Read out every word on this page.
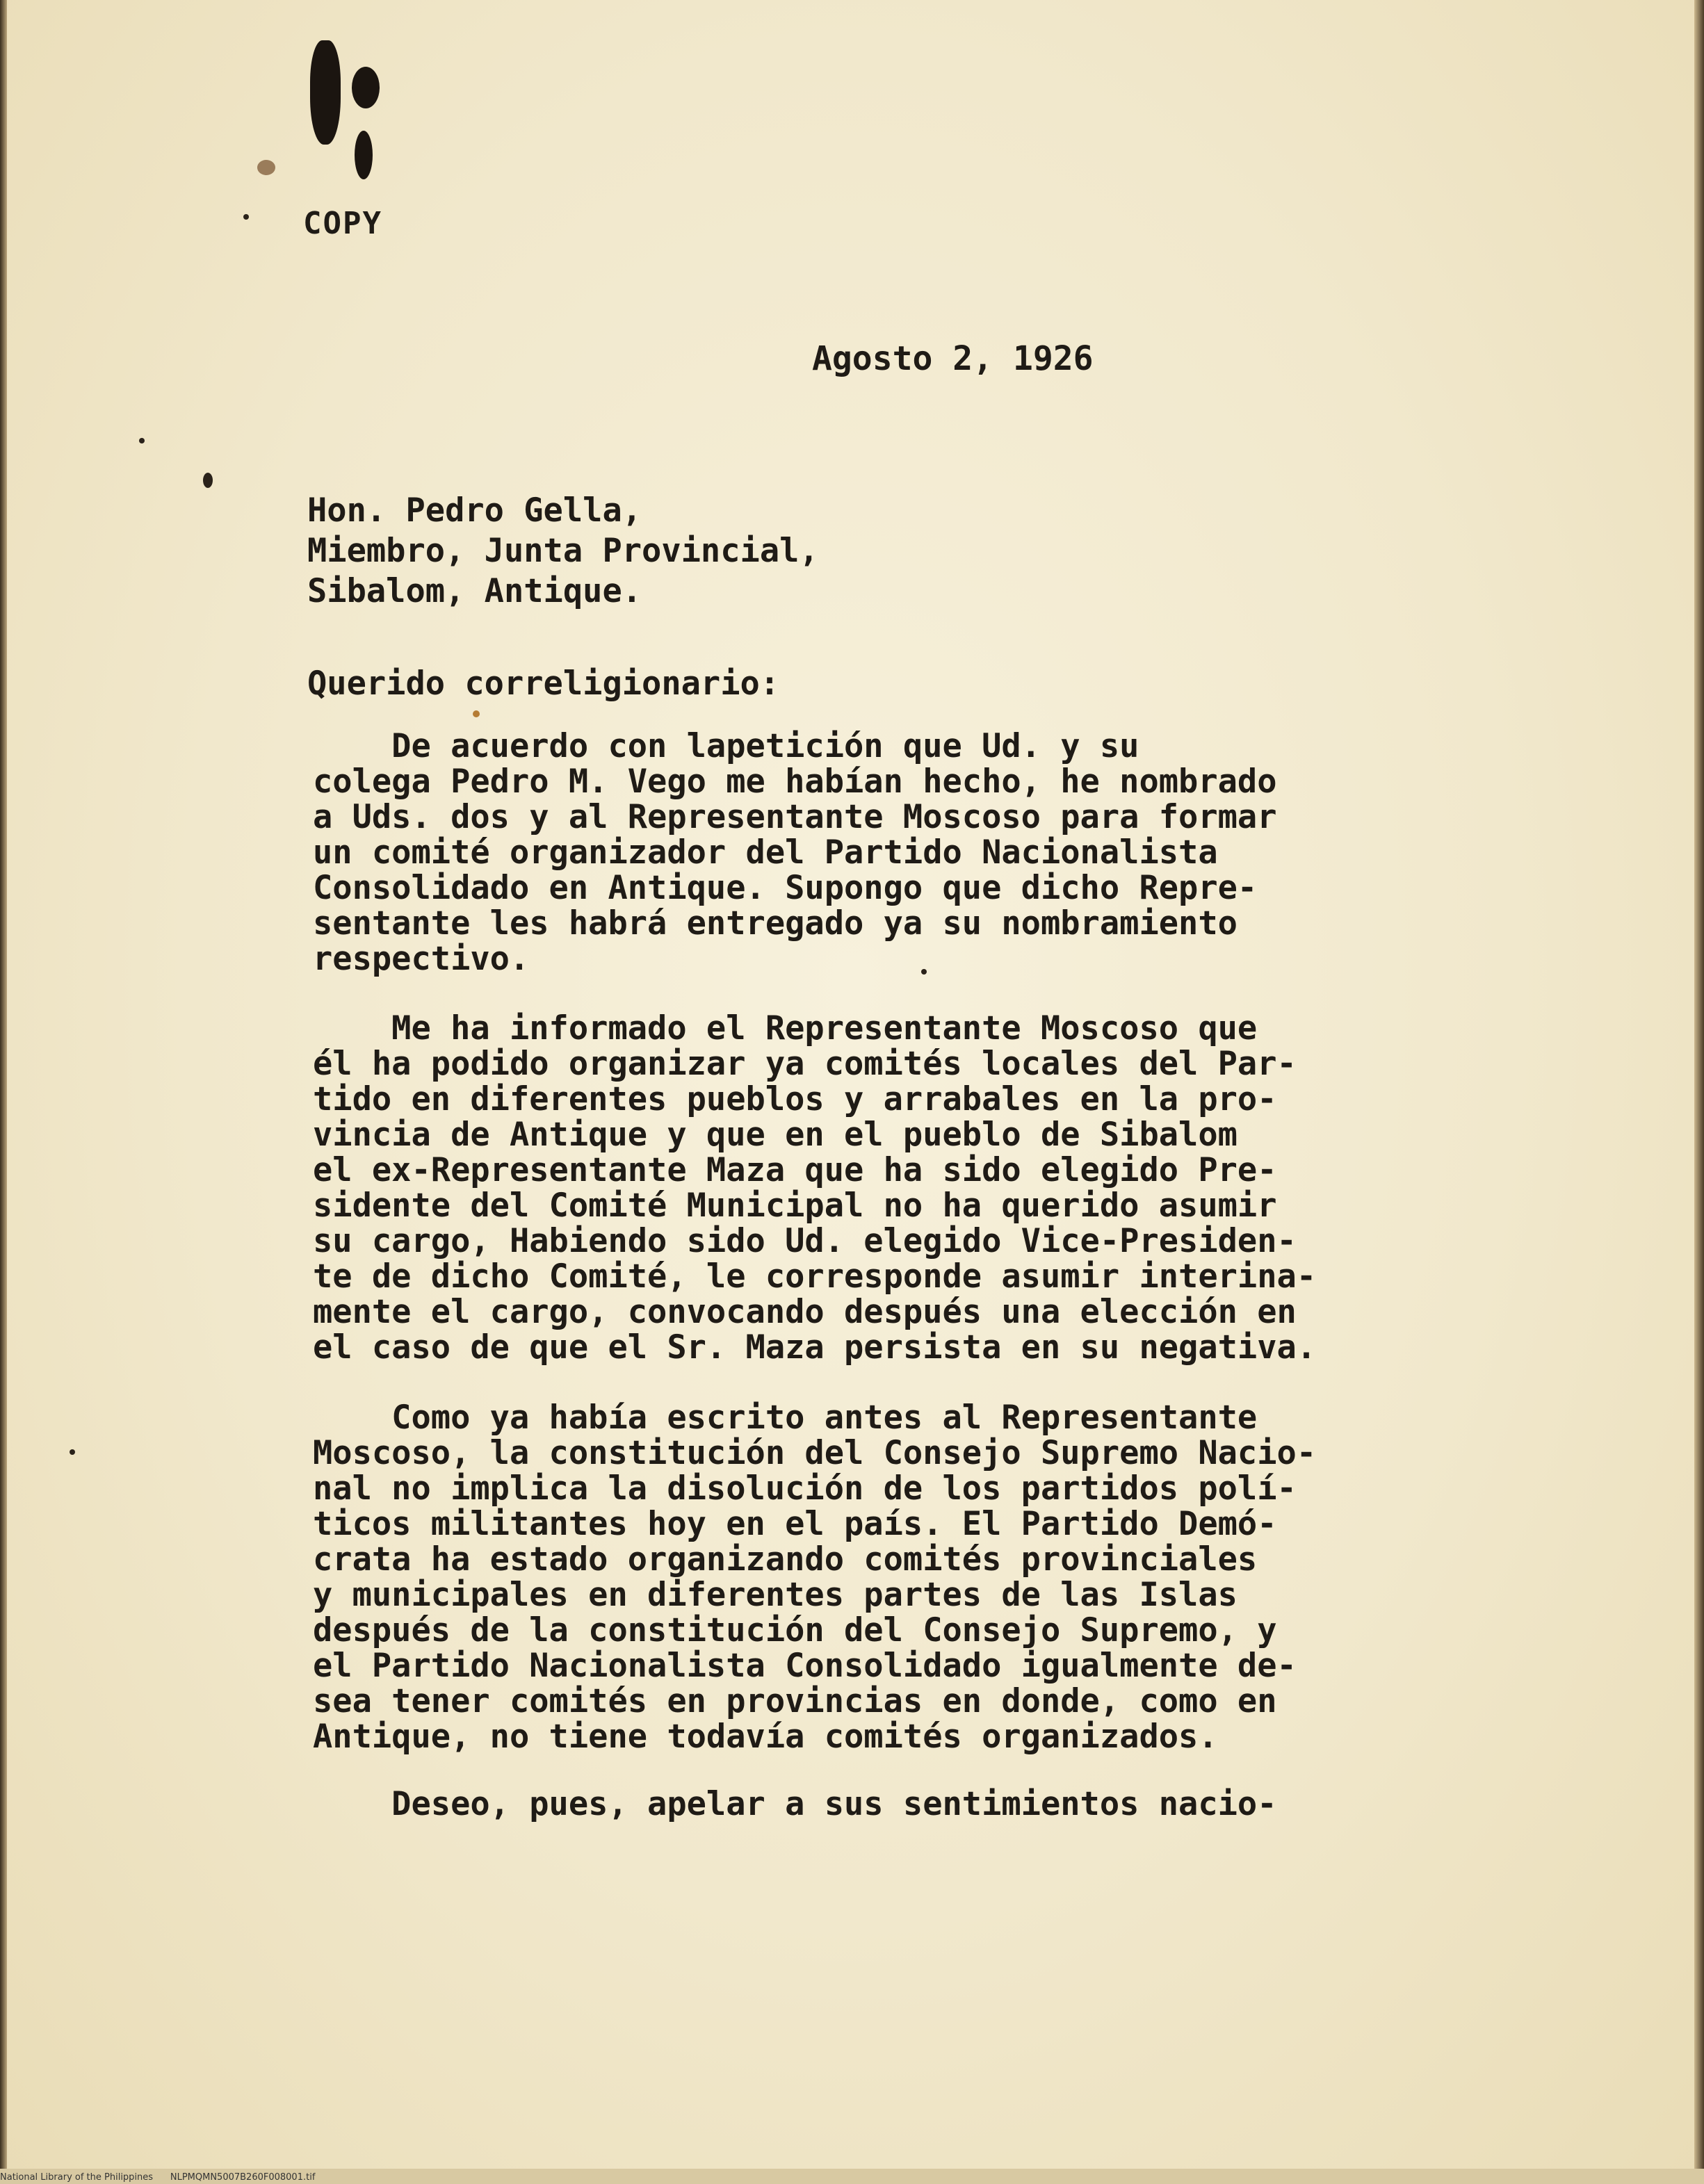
COPY
Agosto 2, 1926
Hon. Pedro Gella,
Miembro, Junta Provincial,
Sibalom, Antique.
Querido correligionario:
De acuerdo con lapetición que Ud. y su
colega Pedro M. Vego me habían hecho, he nombrado
a Uds. dos y al Representante Moscoso para formar
un comité organizador del Partido Nacionalista
Consolidado en Antique. Supongo que dicho Repre-
sentante les habrá entregado ya su nombramiento
respectivo.
Me ha informado el Representante Moscoso que
él ha podido organizar ya comités locales del Par-
tido en diferentes pueblos y arrabales en la pro-
vincia de Antique y que en el pueblo de Sibalom
el ex-Representante Maza que ha sido elegido Pre-
sidente del Comité Municipal no ha querido asumir
su cargo, Habiendo sido Ud. elegido Vice-Presiden-
te de dicho Comité, le corresponde asumir interina-
mente el cargo, convocando después una elección en
el caso de que el Sr. Maza persista en su negativa.
Como ya había escrito antes al Representante
Moscoso, la constitución del Consejo Supremo Nacio-
nal no implica la disolución de los partidos polí-
ticos militantes hoy en el país. El Partido Demó-
crata ha estado organizando comités provinciales
y municipales en diferentes partes de las Islas
después de la constitución del Consejo Supremo, y
el Partido Nacionalista Consolidado igualmente de-
sea tener comités en provincias en donde, como en
Antique, no tiene todavía comités organizados.
Deseo, pues, apelar a sus sentimientos nacio-
National Library of the Philippines NLPMQMN5007B260F008001.tif
